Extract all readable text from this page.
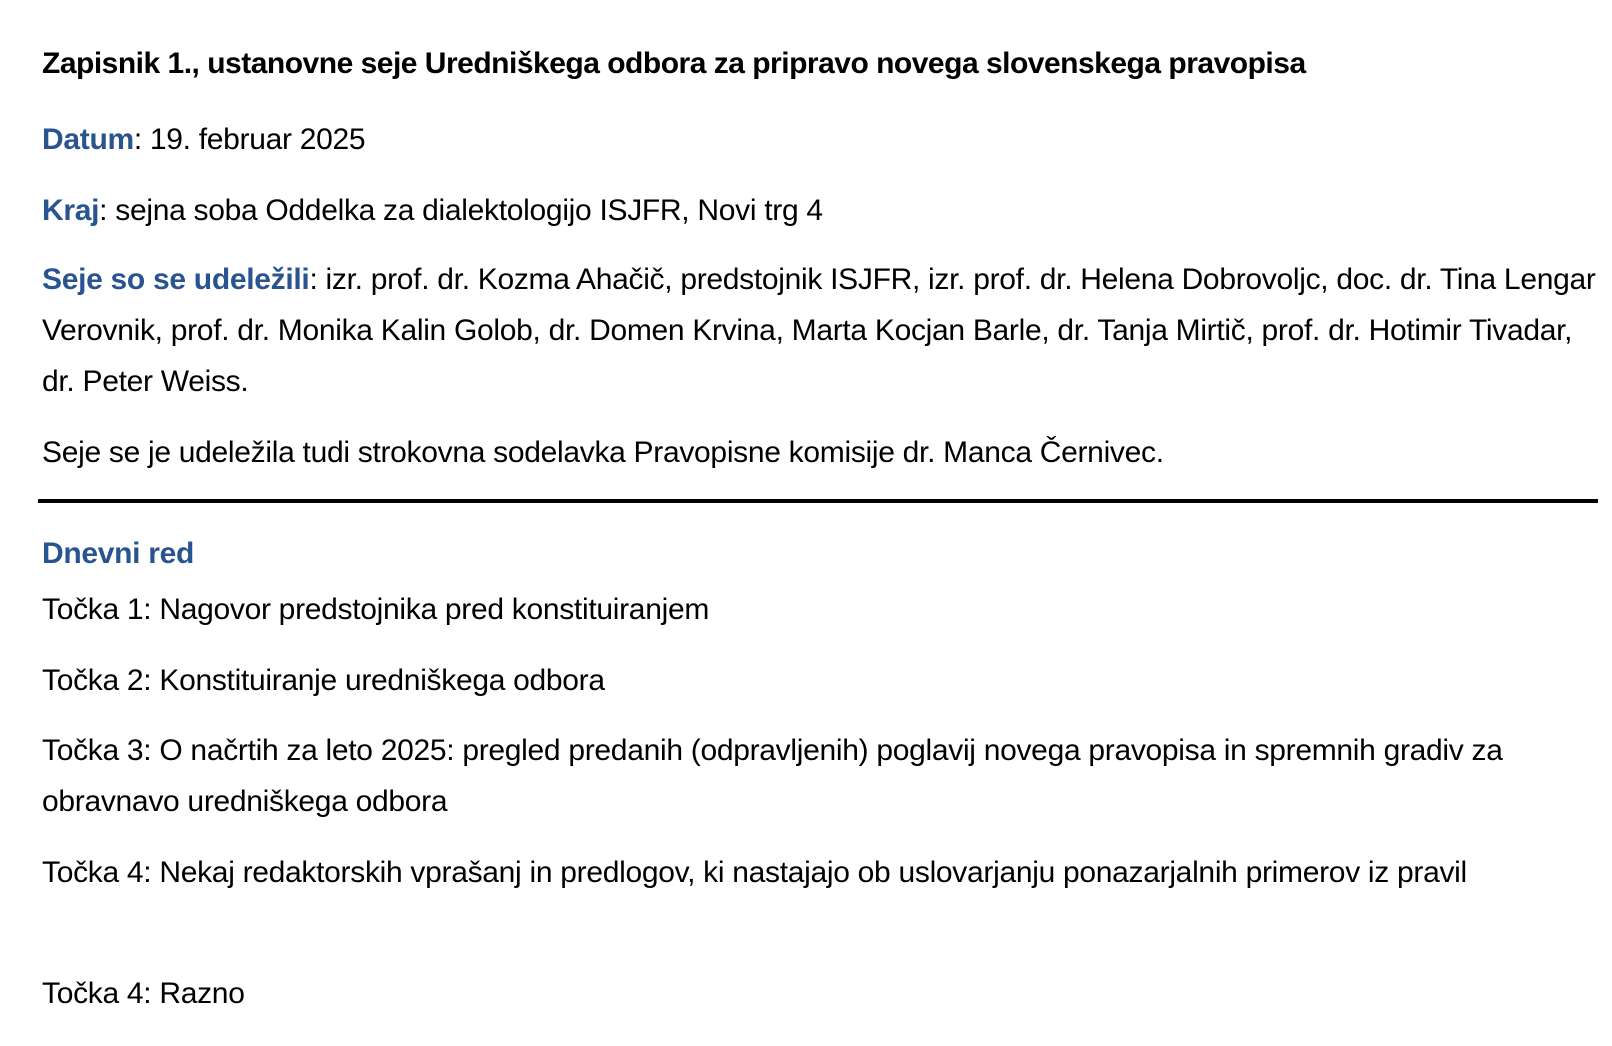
Zapisnik 1., ustanovne seje Uredniškega odbora za pripravo novega slovenskega pravopisa
Datum: 19. februar 2025
Kraj: sejna soba Oddelka za dialektologijo ISJFR, Novi trg 4
Seje so se udeležili: izr. prof. dr. Kozma Ahačič, predstojnik ISJFR, izr. prof. dr. Helena Dobrovoljc, doc. dr. Tina Lengar Verovnik, prof. dr. Monika Kalin Golob, dr. Domen Krvina, Marta Kocjan Barle, dr. Tanja Mirtič, prof. dr. Hotimir Tivadar, dr. Peter Weiss.
Seje se je udeležila tudi strokovna sodelavka Pravopisne komisije dr. Manca Černivec.
Dnevni red
Točka 1: Nagovor predstojnika pred konstituiranjem
Točka 2: Konstituiranje uredniškega odbora
Točka 3: O načrtih za leto 2025: pregled predanih (odpravljenih) poglavij novega pravopisa in spremnih gradiv za obravnavo uredniškega odbora
Točka 4: Nekaj redaktorskih vprašanj in predlogov, ki nastajajo ob uslovarjanju ponazarjalnih primerov iz pravil
Točka 4: Razno
